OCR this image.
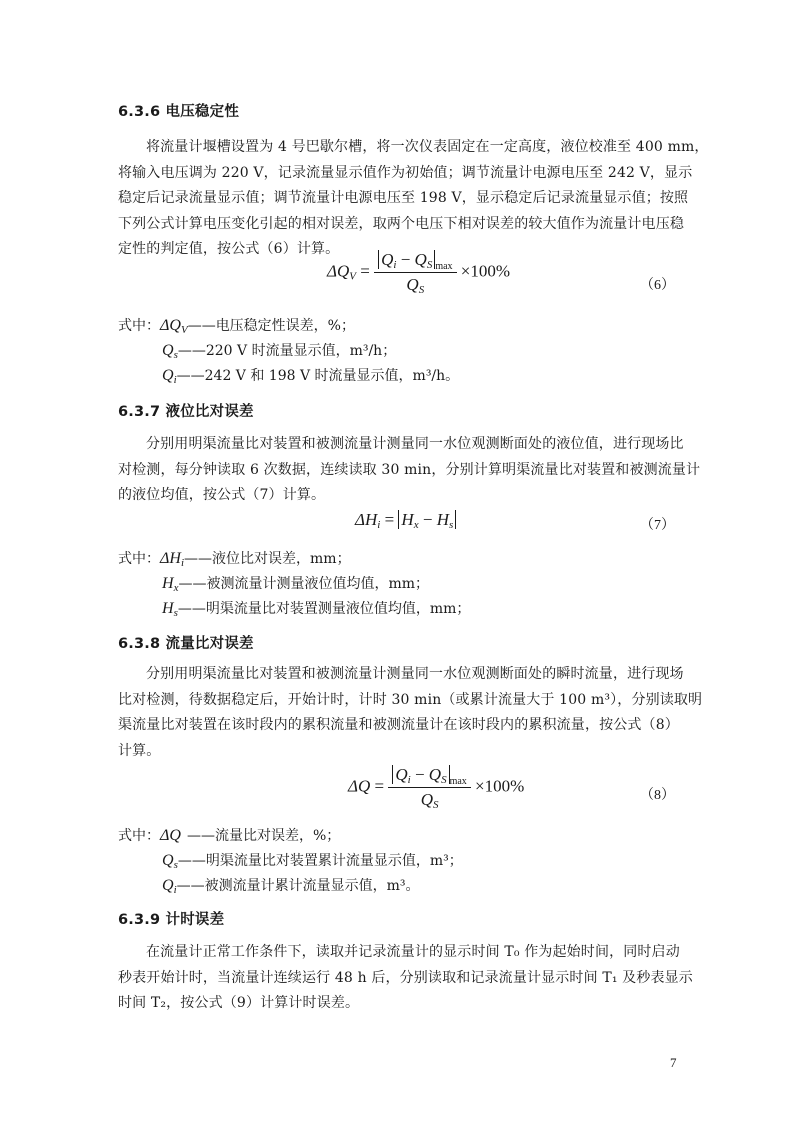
6.3.6 电压稳定性
将流量计堰槽设置为 4 号巴歇尔槽，将一次仪表固定在一定高度，液位校准至 400 mm，
将输入电压调为 220 V，记录流量显示值作为初始值；调节流量计电源电压至 242 V，显示
稳定后记录流量显示值；调节流量计电源电压至 198 V，显示稳定后记录流量显示值；按照
下列公式计算电压变化引起的相对误差，取两个电压下相对误差的较大值作为流量计电压稳
定性的判定值，按公式（6）计算。
$\Delta Q_V = \frac{Q_i - Q_S _{max}}{Q_S} \times 100\%$
（6）
式中：$\Delta Q_V——$电压稳定性误差，%；
$Q_s——220$ V 时流量显示值，m³/h；
$Q_i——242$ V 和 198 V 时流量显示值，m³/h。
6.3.7 液位比对误差
分别用明渠流量比对装置和被测流量计测量同一水位观测断面处的液位值，进行现场比
对检测，每分钟读取 6 次数据，连续读取 30 min，分别计算明渠流量比对装置和被测流量计
的液位均值，按公式（7）计算。
$\Delta H_i = H_x - H_s$	（7）
式中：$\Delta H_i——$液位比对误差，mm；
$H_x——$被测流量计测量液位值均值，mm；
$H_s——$明渠流量比对装置测量液位值均值，mm；
6.3.8 流量比对误差
分别用明渠流量比对装置和被测流量计测量同一水位观测断面处的瞬时流量，进行现场
比对检测，待数据稳定后，开始计时，计时 30 min（或累计流量大于 100 m³），分别读取明
渠流量比对装置在该时段内的累积流量和被测流量计在该时段内的累积流量，按公式（8）
计算。
$\Delta Q = \frac{Q_i - Q_S _{max}}{Q_S} \times 100\%$
（8）
式中：ΔQ ——流量比对误差，%；
$Q_s——$明渠流量比对装置累计流量显示值，m³；
$Q_i——$被测流量计累计流量显示值，m³。
6.3.9 计时误差
在流量计正常工作条件下，读取并记录流量计的显示时间 T₀ 作为起始时间，同时启动
秒表开始计时，当流量计连续运行 48 h 后，分别读取和记录流量计显示时间 T₁ 及秒表显示
时间 T₂，按公式（9）计算计时误差。
7
